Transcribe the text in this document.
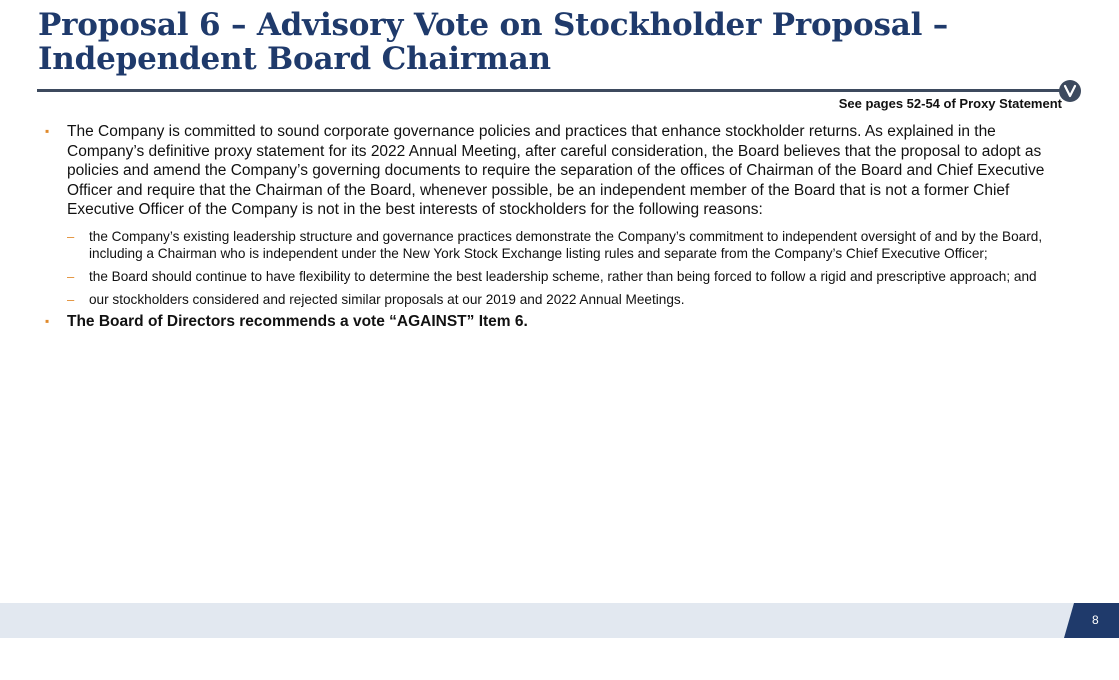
Proposal 6 – Advisory Vote on Stockholder Proposal – Independent Board Chairman
See pages 52-54 of Proxy Statement
▪ The Company is committed to sound corporate governance policies and practices that enhance stockholder returns. As explained in the Company’s definitive proxy statement for its 2022 Annual Meeting, after careful consideration, the Board believes that the proposal to adopt as policies and amend the Company’s governing documents to require the separation of the offices of Chairman of the Board and Chief Executive Officer and require that the Chairman of the Board, whenever possible, be an independent member of the Board that is not a former Chief Executive Officer of the Company is not in the best interests of stockholders for the following reasons:
– the Company’s existing leadership structure and governance practices demonstrate the Company’s commitment to independent oversight of and by the Board, including a Chairman who is independent under the New York Stock Exchange listing rules and separate from the Company’s Chief Executive Officer;
– the Board should continue to have flexibility to determine the best leadership scheme, rather than being forced to follow a rigid and prescriptive approach; and
– our stockholders considered and rejected similar proposals at our 2019 and 2022 Annual Meetings.
▪ The Board of Directors recommends a vote “AGAINST” Item 6.
8
